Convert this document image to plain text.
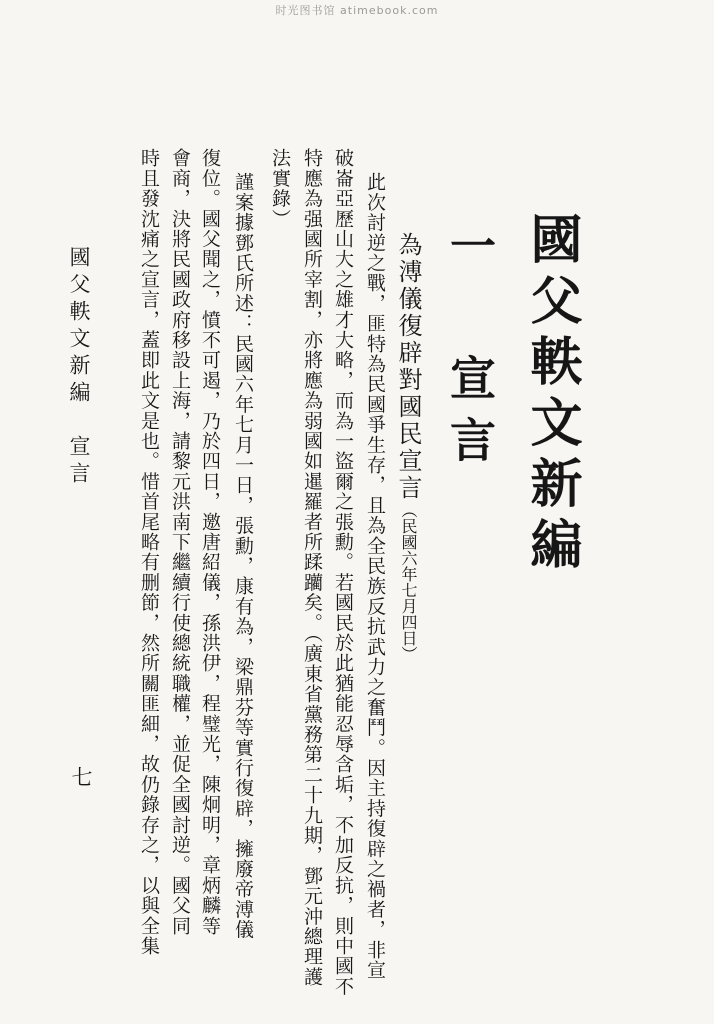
时光图书馆 atimebook.com
國父軼文新編
一 宣言
為溥儀復辟對國民宣言（民國六年七月四日）
此次討逆之戰，匪特為民國爭生存，且為全民族反抗武力之奮鬥。因主持復辟之禍者，非宣
破崙亞歷山大之雄才大略，而為一盜爾之張勳。若國民於此猶能忍辱含垢，不加反抗，則中國不
特應為强國所宰割，亦將應為弱國如暹羅者所蹂躪矣。（廣東省黨務第二十九期，鄧元沖總理護
法實錄）
謹案據鄧氏所述：民國六年七月一日，張勳，康有為，梁鼎芬等實行復辟，擁廢帝溥儀
復位。國父聞之，憤不可遏，乃於四日，邀唐紹儀，孫洪伊，程璧光，陳炯明，章炳麟等
會商，決將民國政府移設上海，請黎元洪南下繼續行使總統職權，並促全國討逆。國父同
時且發沈痛之宣言，蓋即此文是也。惜首尾略有删節，然所關匪細，故仍錄存之，以與全集
國父軼文新編　宣言
七
